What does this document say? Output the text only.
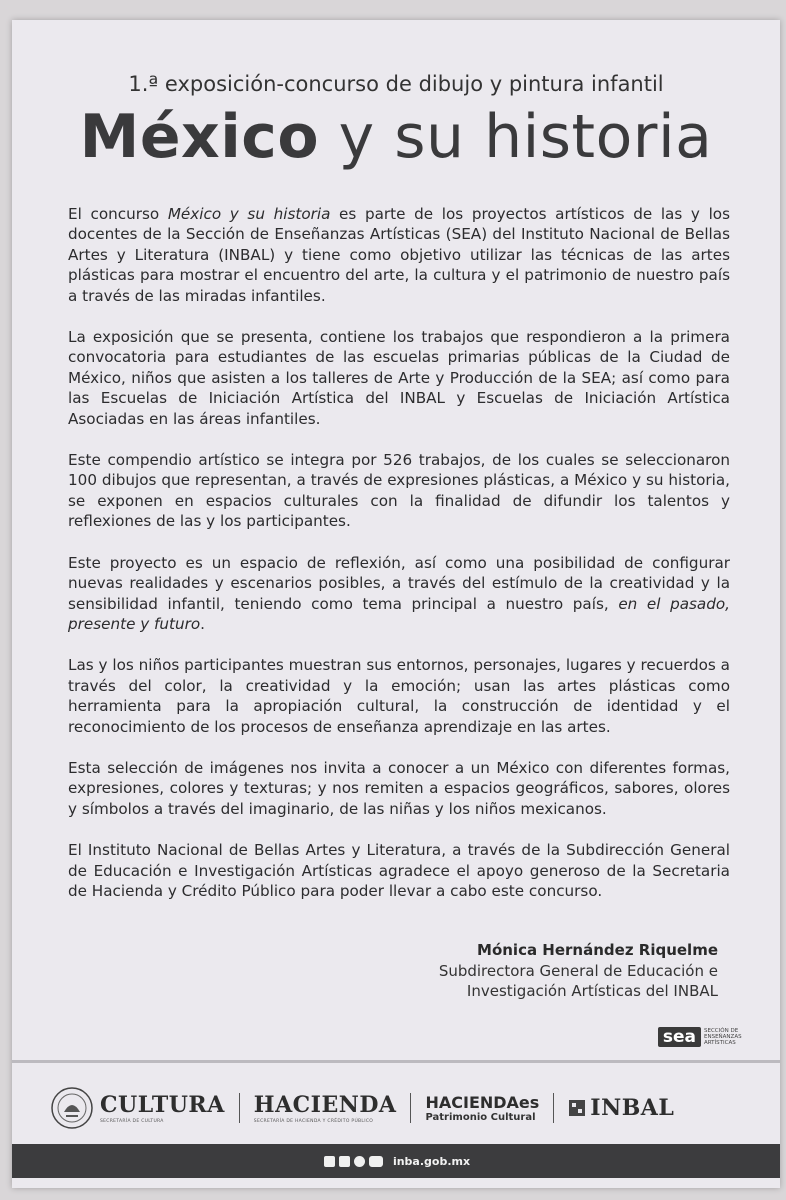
1.ª exposición-concurso de dibujo y pintura infantil
México y su historia

El concurso México y su historia es parte de los proyectos artísticos de las y los docentes de la Sección de Enseñanzas Artísticas (SEA) del Instituto Nacional de Bellas Artes y Literatura (INBAL) y tiene como objetivo utilizar las técnicas de las artes plásticas para mostrar el encuentro del arte, la cultura y el patrimonio de nuestro país a través de las miradas infantiles.

La exposición que se presenta, contiene los trabajos que respondieron a la primera convocatoria para estudiantes de las escuelas primarias públicas de la Ciudad de México, niños que asisten a los talleres de Arte y Producción de la SEA; así como para las Escuelas de Iniciación Artística del INBAL y Escuelas de Iniciación Artística Asociadas en las áreas infantiles.

Este compendio artístico se integra por 526 trabajos, de los cuales se seleccionaron 100 dibujos que representan, a través de expresiones plásticas, a México y su historia, se exponen en espacios culturales con la finalidad de difundir los talentos y reflexiones de las y los participantes.

Este proyecto es un espacio de reflexión, así como una posibilidad de configurar nuevas realidades y escenarios posibles, a través del estímulo de la creatividad y la sensibilidad infantil, teniendo como tema principal a nuestro país, en el pasado, presente y futuro.

Las y los niños participantes muestran sus entornos, personajes, lugares y recuerdos a través del color, la creatividad y la emoción; usan las artes plásticas como herramienta para la apropiación cultural, la construcción de identidad y el reconocimiento de los procesos de enseñanza aprendizaje en las artes.

Esta selección de imágenes nos invita a conocer a un México con diferentes formas, expresiones, colores y texturas; y nos remiten a espacios geográficos, sabores, olores y símbolos a través del imaginario, de las niñas y los niños mexicanos.

El Instituto Nacional de Bellas Artes y Literatura, a través de la Subdirección General de Educación e Investigación Artísticas agradece el apoyo generoso de la Secretaria de Hacienda y Crédito Público para poder llevar a cabo este concurso.

Mónica Hernández Riquelme
Subdirectora General de Educación e
Investigación Artísticas del INBAL
sea	SECCIÓN DE ENSEÑANZAS ARTÍSTICAS
CULTURA
SECRETARÍA DE CULTURA
HACIENDA
SECRETARÍA DE HACIENDA Y CRÉDITO PÚBLICO
HACIENDAes
Patrimonio Cultural INBAL
inba.gob.mx
